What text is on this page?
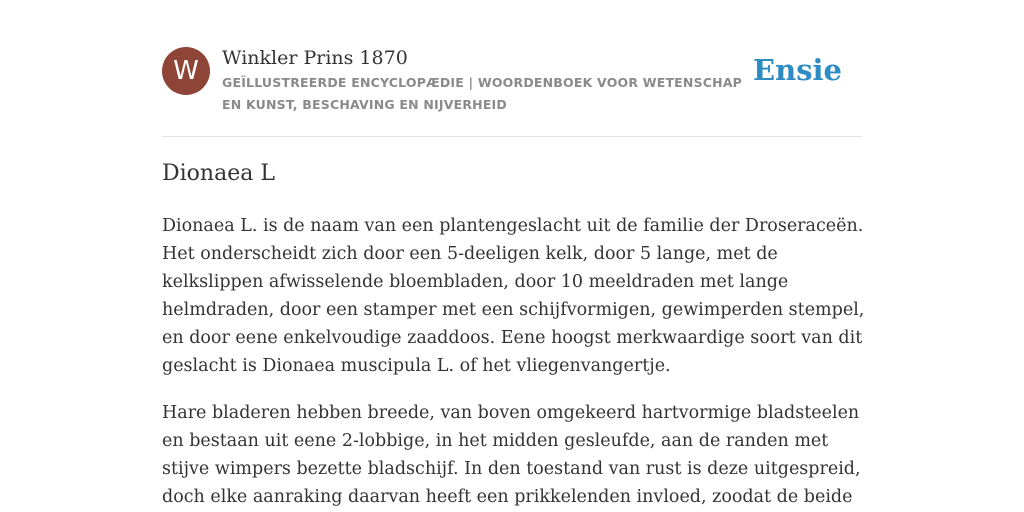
W	Winkler Prins 1870
GEÏLLUSTREERDE ENCYCLOPÆDIE | WOORDENBOEK VOOR WETENSCHAP EN KUNST, BESCHAVING EN NIJVERHEID
Ensie
Dionaea L

Dionaea L. is de naam van een plantengeslacht uit de familie der Droseraceën. Het onderscheidt zich door een 5-deeligen kelk, door 5 lange, met de kelkslippen afwisselende bloembladen, door 10 meeldraden met lange helmdraden, door een stamper met een schijfvormigen, gewimperden stempel, en door eene enkelvoudige zaaddoos. Eene hoogst merkwaardige soort van dit geslacht is Dionaea muscipula L. of het vliegenvangertje.

Hare bladeren hebben breede, van boven omgekeerd hartvormige bladsteelen en bestaan uit eene 2-lobbige, in het midden gesleufde, aan de randen met stijve wimpers bezette bladschijf. In den toestand van rust is deze uitgespreid, doch elke aanraking daarvan heeft een prikkelenden invloed, zoodat de beide
